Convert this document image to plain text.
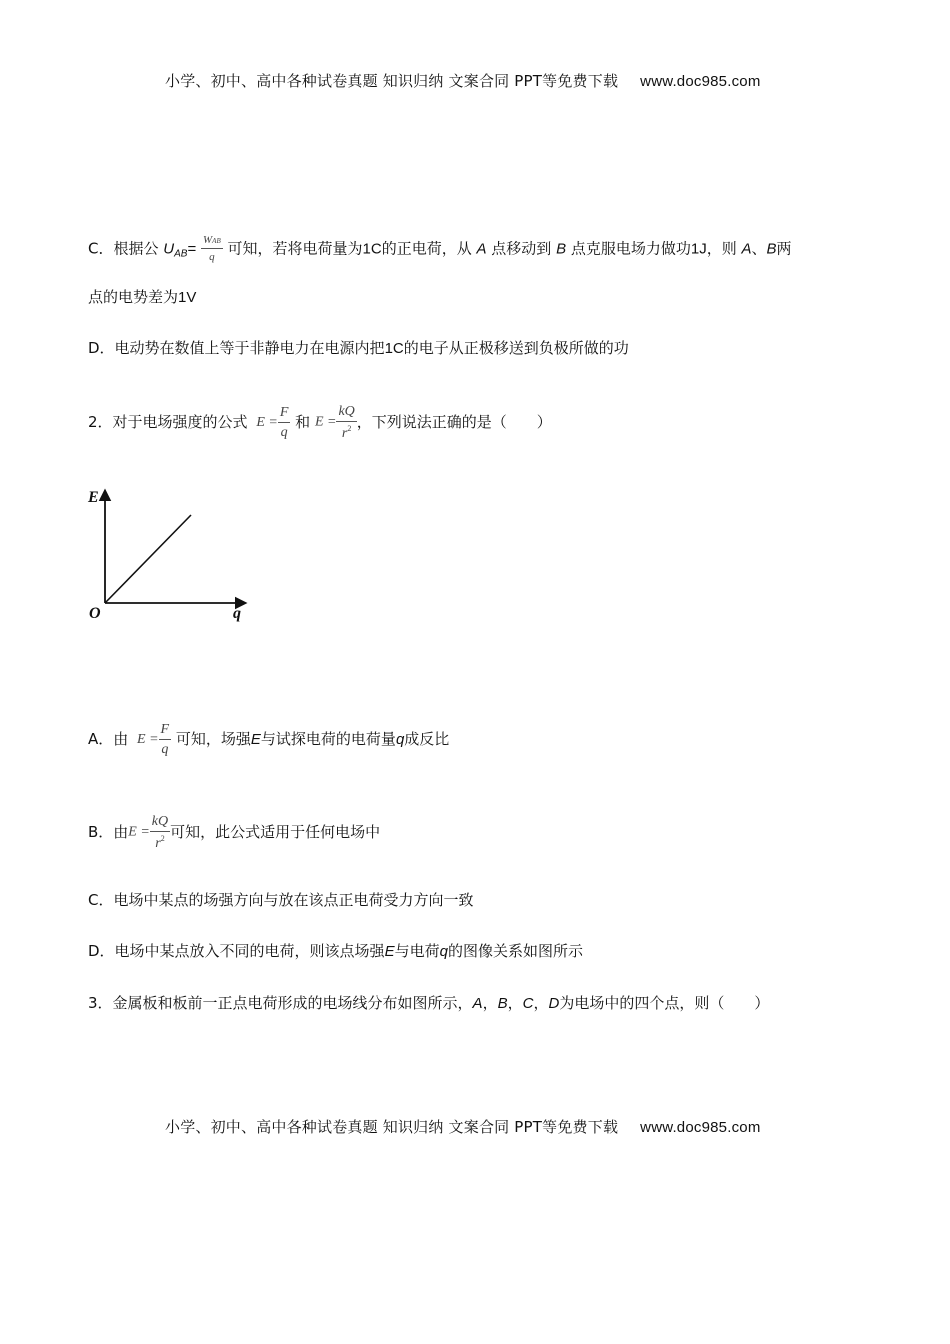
小学、初中、高中各种试卷真题 知识归纳 文案合同 PPT等免费下载 www.doc985.com
C．根据公 $U_{AB}= \frac{\text{WAB}}{q}$ 可知，若将电荷量为1C的正电荷，从 A 点移动到 B 点克服电场力做功1J，则 A、B两
点的电势差为1V
D．电动势在数值上等于非静电力在电源内把1C的电子从正极移送到负极所做的功
2．对于电场强度的公式 $E = \frac{F}{q}$ 和 $E = \frac{kQ}{r^2}$ ，下列说法正确的是（　　）
E
q
O
A．由 $E = \frac{F}{q}$ 可知，场强E与试探电荷的电荷量q成反比
B．由$E = \frac{kQ}{r^2}$ 可知，此公式适用于任何电场中
C．电场中某点的场强方向与放在该点正电荷受力方向一致
D．电场中某点放入不同的电荷，则该点场强E与电荷q的图像关系如图所示
3．金属板和板前一正点电荷形成的电场线分布如图所示，A，B，C，D为电场中的四个点，则（　　）
小学、初中、高中各种试卷真题 知识归纳 文案合同 PPT等免费下载 www.doc985.com
